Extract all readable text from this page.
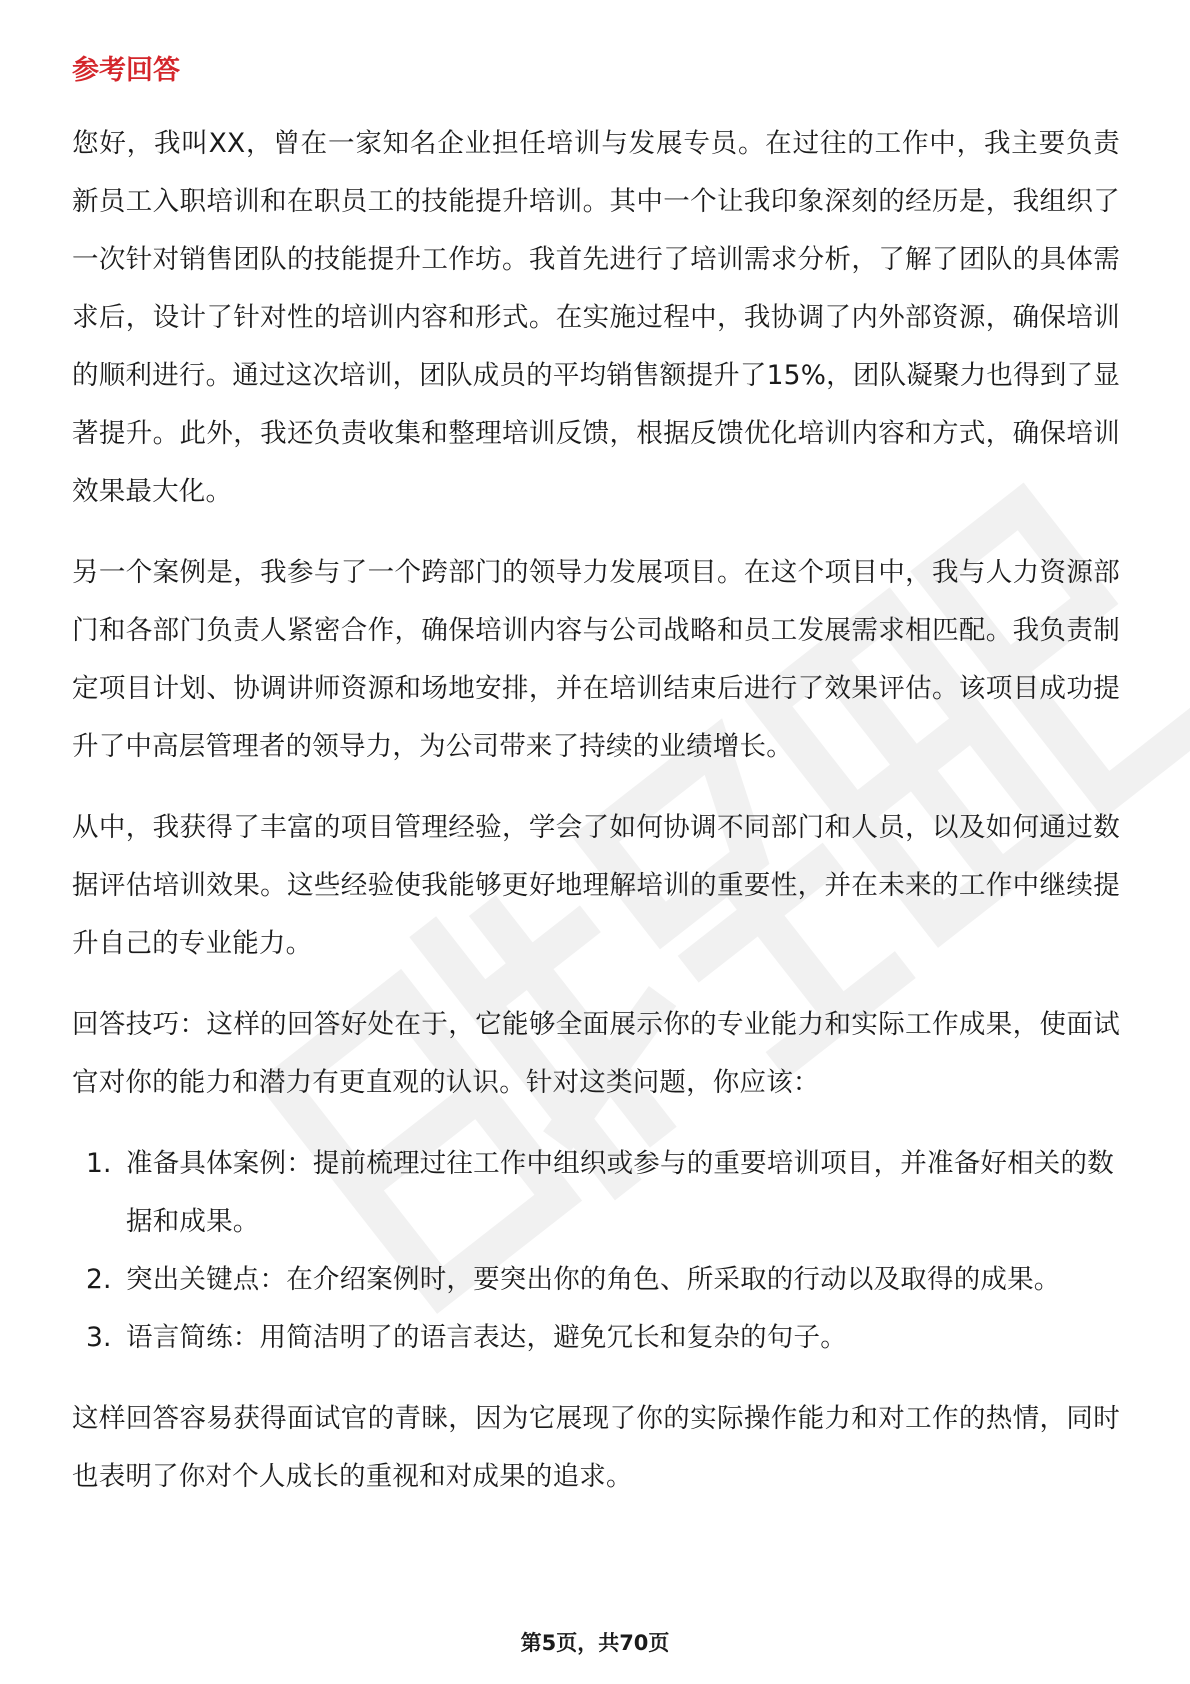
参考回答

您好，我叫XX，曾在一家知名企业担任培训与发展专员。在过往的工作中，我主要负责新员工入职培训和在职员工的技能提升培训。其中一个让我印象深刻的经历是，我组织了一次针对销售团队的技能提升工作坊。我首先进行了培训需求分析，了解了团队的具体需求后，设计了针对性的培训内容和形式。在实施过程中，我协调了内外部资源，确保培训的顺利进行。通过这次培训，团队成员的平均销售额提升了15%，团队凝聚力也得到了显著提升。此外，我还负责收集和整理培训反馈，根据反馈优化培训内容和方式，确保培训效果最大化。

另一个案例是，我参与了一个跨部门的领导力发展项目。在这个项目中，我与人力资源部门和各部门负责人紧密合作，确保培训内容与公司战略和员工发展需求相匹配。我负责制定项目计划、协调讲师资源和场地安排，并在培训结束后进行了效果评估。该项目成功提升了中高层管理者的领导力，为公司带来了持续的业绩增长。

从中，我获得了丰富的项目管理经验，学会了如何协调不同部门和人员，以及如何通过数据评估培训效果。这些经验使我能够更好地理解培训的重要性，并在未来的工作中继续提升自己的专业能力。

回答技巧：这样的回答好处在于，它能够全面展示你的专业能力和实际工作成果，使面试官对你的能力和潜力有更直观的认识。针对这类问题，你应该：

1. 准备具体案例：提前梳理过往工作中组织或参与的重要培训项目，并准备好相关的数据和成果。
2. 突出关键点：在介绍案例时，要突出你的角色、所采取的行动以及取得的成果。
3. 语言简练：用简洁明了的语言表达，避免冗长和复杂的句子。

这样回答容易获得面试官的青睐，因为它展现了你的实际操作能力和对工作的热情，同时也表明了你对个人成长的重视和对成果的追求。

第5页，共70页
